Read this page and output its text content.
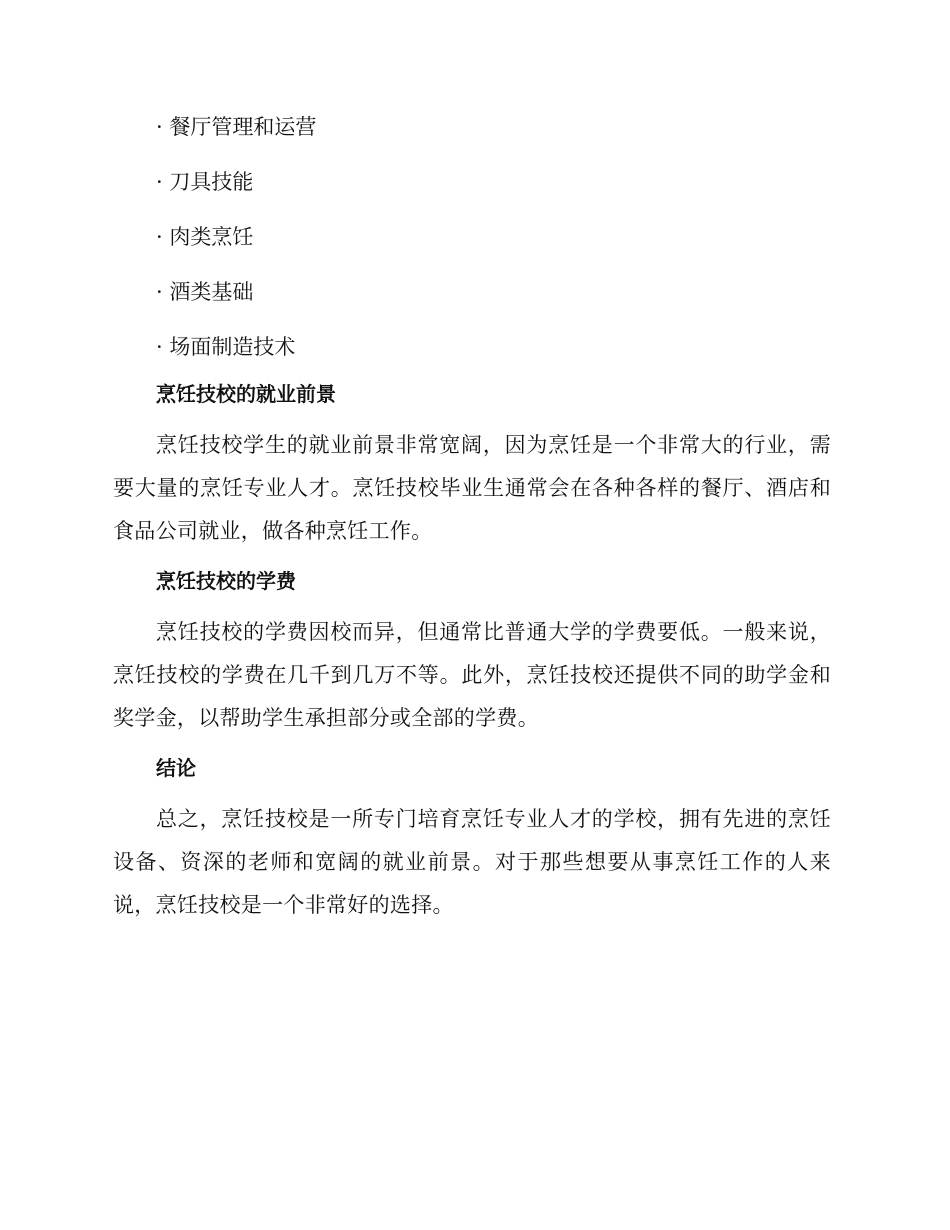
· 餐厅管理和运营
· 刀具技能
· 肉类烹饪
· 酒类基础
· 场面制造技术
烹饪技校的就业前景
烹饪技校学生的就业前景非常宽阔，因为烹饪是一个非常大的行业，需要大量的烹饪专业人才。烹饪技校毕业生通常会在各种各样的餐厅、酒店和食品公司就业，做各种烹饪工作。
烹饪技校的学费
烹饪技校的学费因校而异，但通常比普通大学的学费要低。一般来说，烹饪技校的学费在几千到几万不等。此外，烹饪技校还提供不同的助学金和奖学金，以帮助学生承担部分或全部的学费。
结论
总之，烹饪技校是一所专门培育烹饪专业人才的学校，拥有先进的烹饪设备、资深的老师和宽阔的就业前景。对于那些想要从事烹饪工作的人来说，烹饪技校是一个非常好的选择。
